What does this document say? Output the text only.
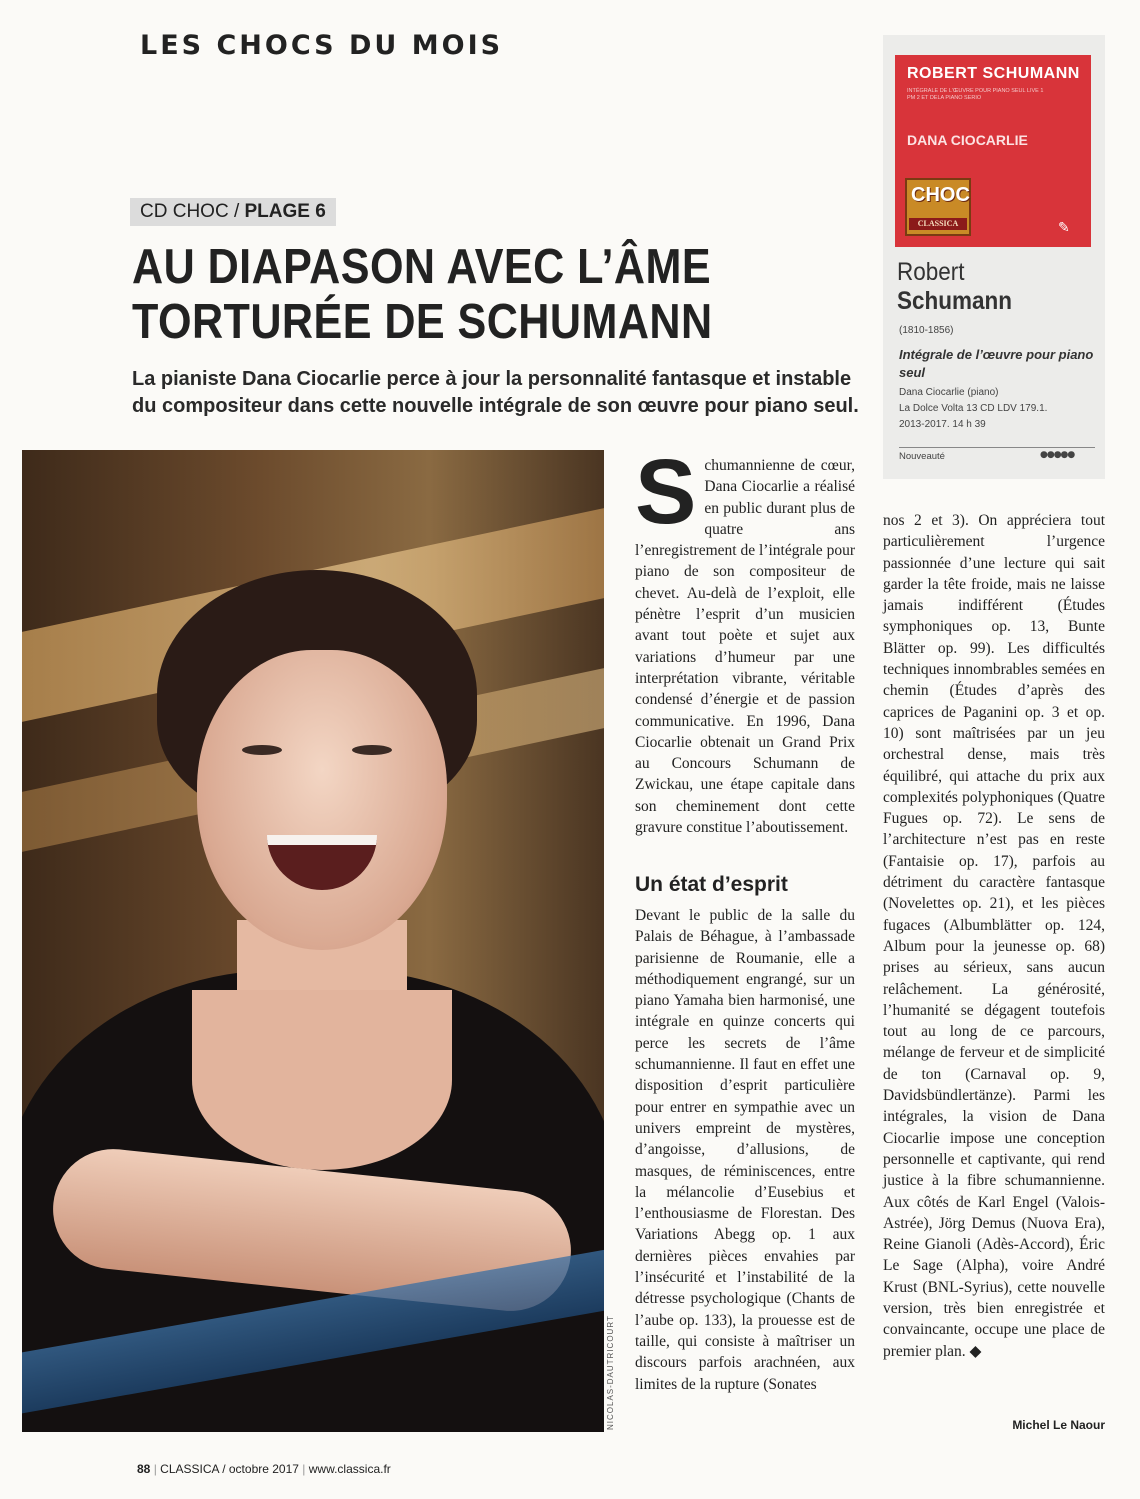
LES CHOCS DU MOIS
ROBERT SCHUMANN
INTÉGRALE DE L’ŒUVRE POUR PIANO SEUL LIVE 1 PM 2 ET DELA PIANO SERIO
DANA CIOCARLIE
CHOC
CLASSICA	✎
Robert
Schumann
(1810-1856)
Intégrale de l’œuvre pour piano seul
Dana Ciocarlie (piano)
La Dolce Volta 13 CD LDV 179.1.
2013-2017. 14 h 39
Nouveauté	●●●●●
CD CHOC / PLAGE 6
AU DIAPASON AVEC L’ÂME TORTURÉE DE SCHUMANN
La pianiste Dana Ciocarlie perce à jour la personnalité fantasque et instable du compositeur dans cette nouvelle intégrale de son œuvre pour piano seul.
NICOLAS-DAUTRICOURT

Schumannienne de cœur, Dana Ciocarlie a réalisé en public durant plus de quatre ans l’enregistrement de l’intégrale pour piano de son compositeur de chevet. Au-delà de l’exploit, elle pénètre l’esprit d’un musicien avant tout poète et sujet aux variations d’humeur par une interprétation vibrante, véritable condensé d’énergie et de passion communicative. En 1996, Dana Ciocarlie obtenait un Grand Prix au Concours Schumann de Zwickau, une étape capitale dans son cheminement dont cette gravure constitue l’aboutissement.

Un état d’esprit

Devant le public de la salle du Palais de Béhague, à l’ambassade parisienne de Roumanie, elle a méthodiquement engrangé, sur un piano Yamaha bien harmonisé, une intégrale en quinze concerts qui perce les secrets de l’âme schumannienne. Il faut en effet une disposition d’esprit particulière pour entrer en sympathie avec un univers empreint de mystères, d’angoisse, d’allusions, de masques, de réminiscences, entre la mélancolie d’Eusebius et l’enthousiasme de Florestan. Des Variations Abegg op. 1 aux dernières pièces envahies par l’insécurité et l’instabilité de la détresse psychologique (Chants de l’aube op. 133), la prouesse est de taille, qui consiste à maîtriser un discours parfois arachnéen, aux limites de la rupture (Sonates

nos 2 et 3). On appréciera tout particulièrement l’urgence passionnée d’une lecture qui sait garder la tête froide, mais ne laisse jamais indifférent (Études symphoniques op. 13, Bunte Blätter op. 99). Les difficultés techniques innombrables semées en chemin (Études d’après des caprices de Paganini op. 3 et op. 10) sont maîtrisées par un jeu orchestral dense, mais très équilibré, qui attache du prix aux complexités polyphoniques (Quatre Fugues op. 72). Le sens de l’architecture n’est pas en reste (Fantaisie op. 17), parfois au détriment du caractère fantasque (Novelettes op. 21), et les pièces fugaces (Albumblätter op. 124, Album pour la jeunesse op. 68) prises au sérieux, sans aucun relâchement. La générosité, l’humanité se dégagent toutefois tout au long de ce parcours, mélange de ferveur et de simplicité de ton (Carnaval op. 9, Davidsbündlertänze). Parmi les intégrales, la vision de Dana Ciocarlie impose une conception personnelle et captivante, qui rend justice à la fibre schumannienne. Aux côtés de Karl Engel (Valois-Astrée), Jörg Demus (Nuova Era), Reine Gianoli (Adès-Accord), Éric Le Sage (Alpha), voire André Krust (BNL-Syrius), cette nouvelle version, très bien enregistrée et convaincante, occupe une place de premier plan. ◆

Michel Le Naour
88 | CLASSICA / octobre 2017 | www.classica.fr
